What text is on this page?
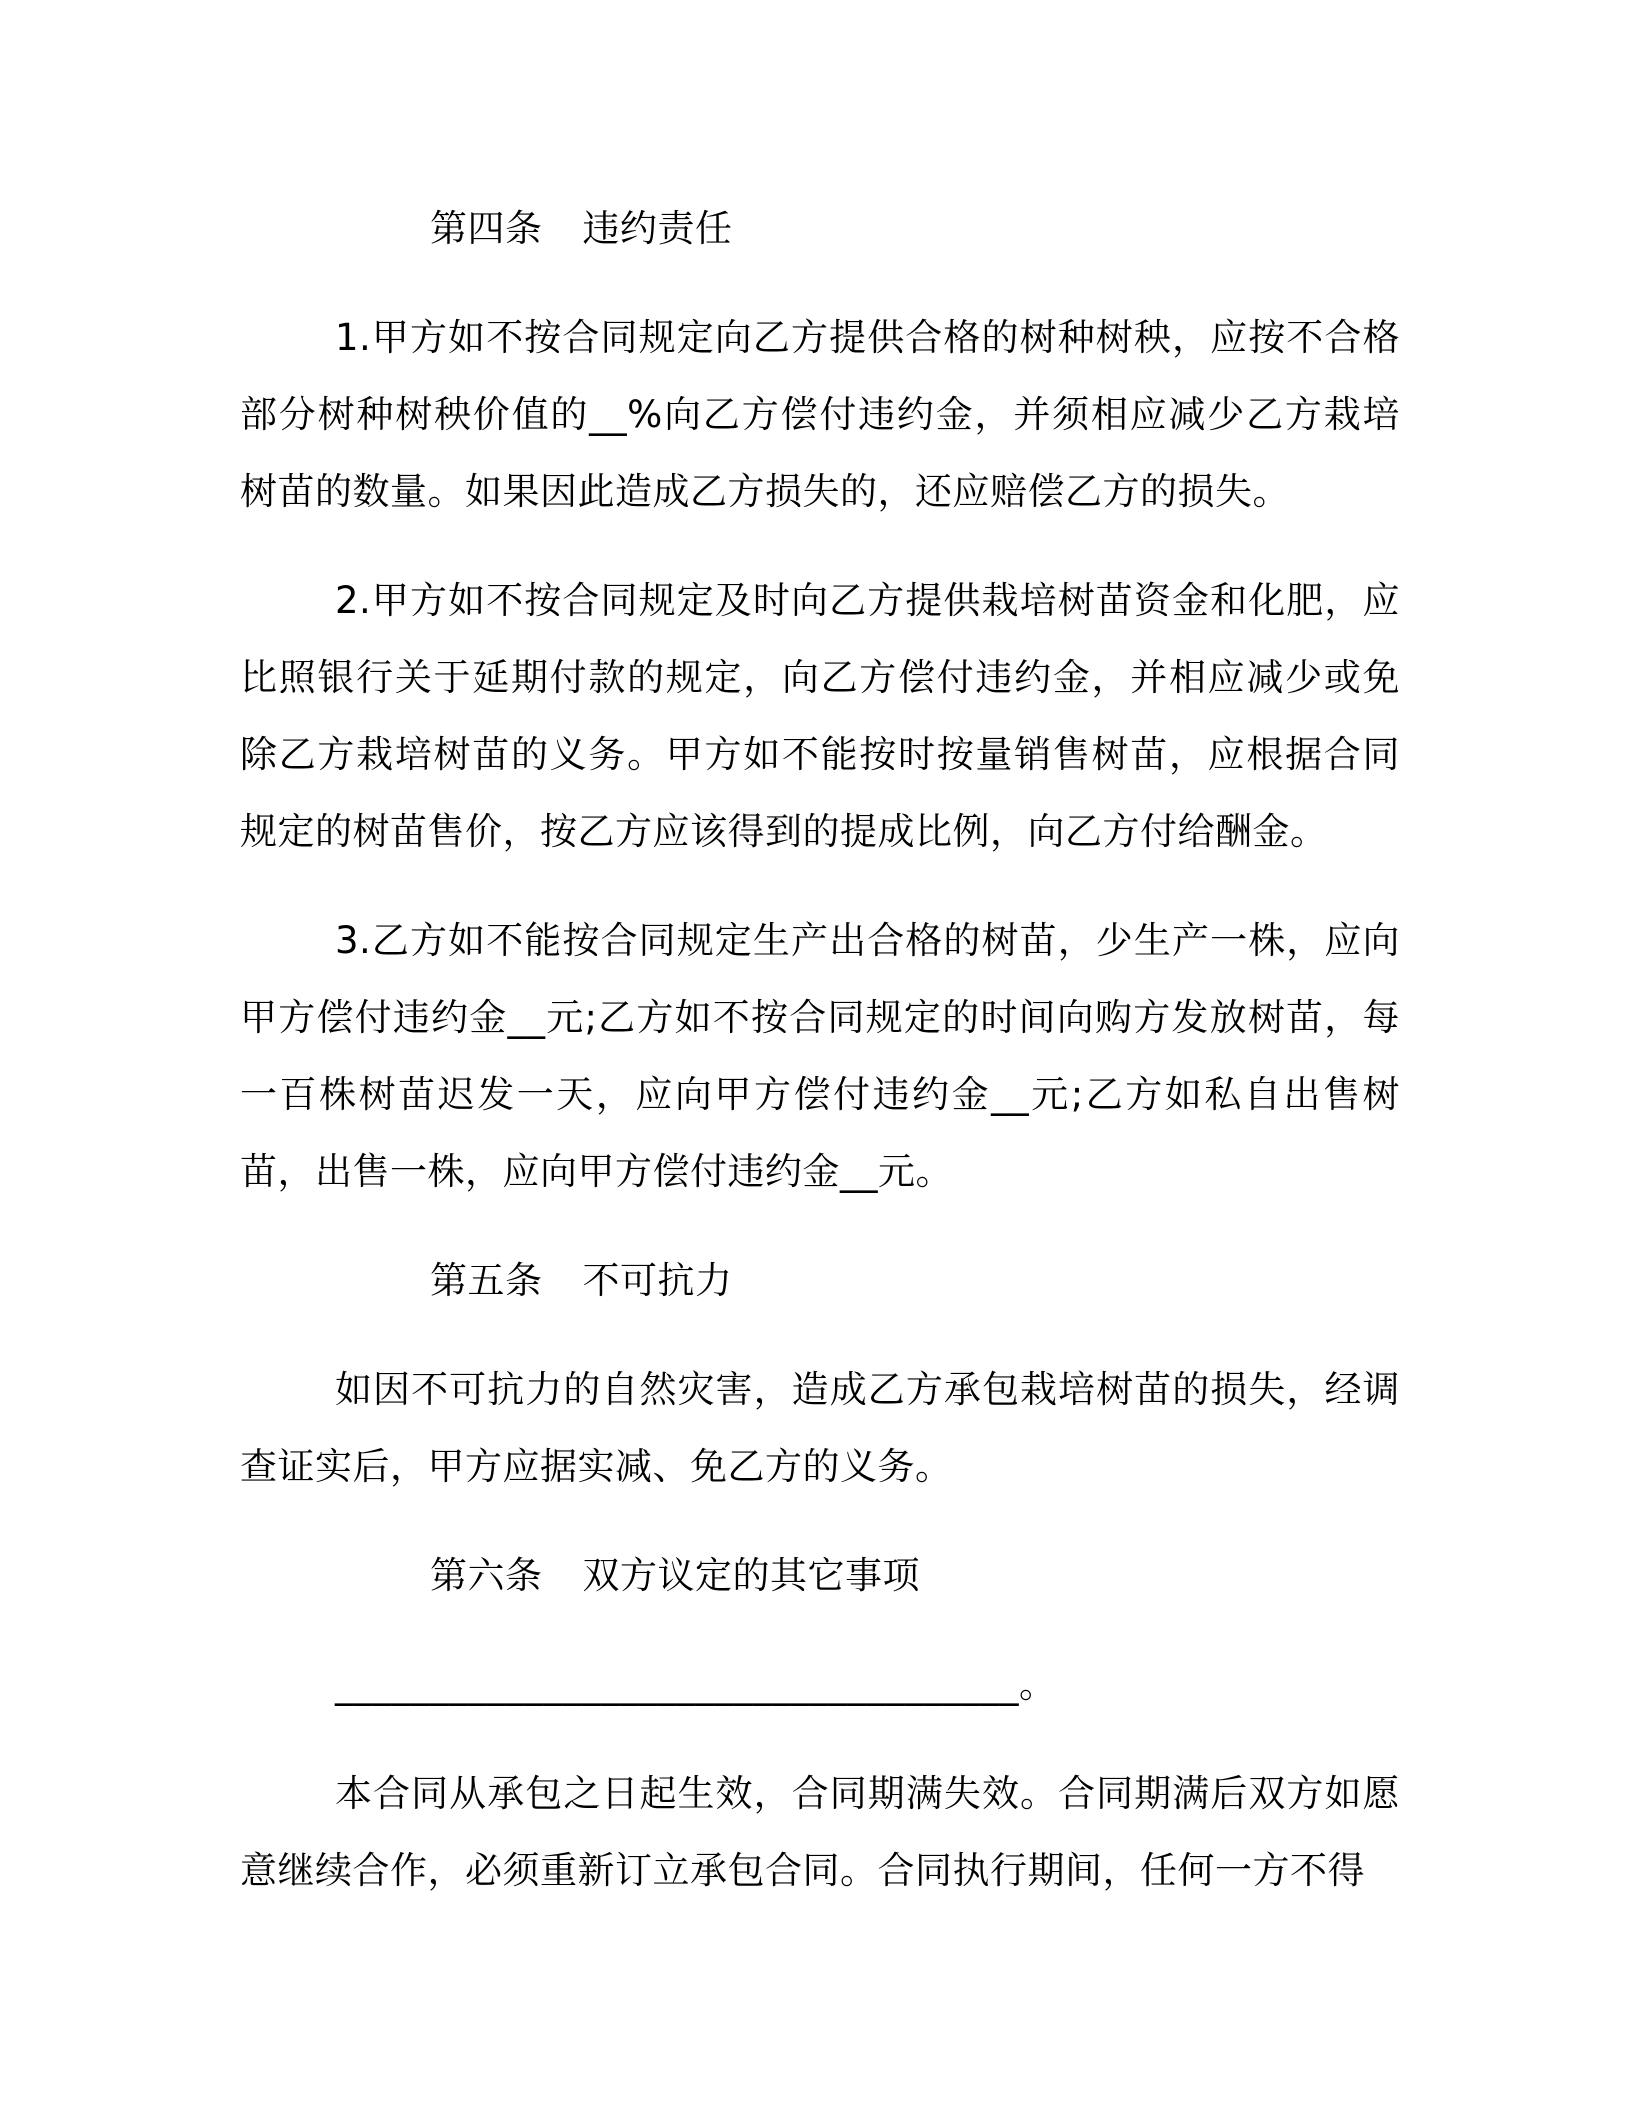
第四条 违约责任

1.甲方如不按合同规定向乙方提供合格的树种树秧，应按不合格部分树种树秧价值的__%向乙方偿付违约金，并须相应减少乙方栽培树苗的数量。如果因此造成乙方损失的，还应赔偿乙方的损失。

2.甲方如不按合同规定及时向乙方提供栽培树苗资金和化肥，应比照银行关于延期付款的规定，向乙方偿付违约金，并相应减少或免除乙方栽培树苗的义务。甲方如不能按时按量销售树苗，应根据合同规定的树苗售价，按乙方应该得到的提成比例，向乙方付给酬金。

3.乙方如不能按合同规定生产出合格的树苗，少生产一株，应向甲方偿付违约金__元;乙方如不按合同规定的时间向购方发放树苗，每一百株树苗迟发一天，应向甲方偿付违约金__元;乙方如私自出售树苗，出售一株，应向甲方偿付违约金__元。

第五条 不可抗力

如因不可抗力的自然灾害，造成乙方承包栽培树苗的损失，经调查证实后，甲方应据实减、免乙方的义务。

第六条 双方议定的其它事项

____________________________________。

本合同从承包之日起生效，合同期满失效。合同期满后双方如愿意继续合作，必须重新订立承包合同。合同执行期间，任何一方不得
